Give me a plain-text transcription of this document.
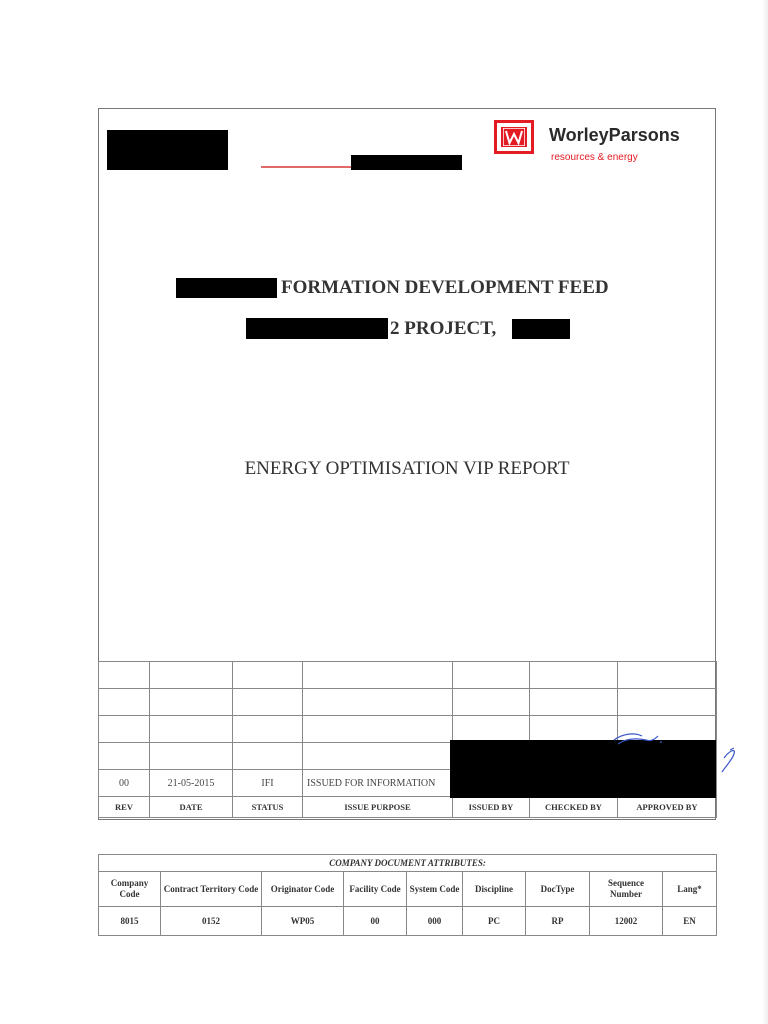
WorleyParsons
resources & energy
FORMATION DEVELOPMENT FEED
2 PROJECT,
ENERGY OPTIMISATION VIP REPORT

00	21-05-2015	IFI	ISSUED FOR INFORMATION			
REV	DATE	STATUS	ISSUE PURPOSE	ISSUED BY	CHECKED BY	APPROVED BY
COMPANY DOCUMENT ATTRIBUTES:								
Company Code	Contract Territory Code	Originator Code	Facility Code	System Code	Discipline	DocType	Sequence Number	Lang*
8015	0152	WP05	00	000	PC	RP	12002	EN
